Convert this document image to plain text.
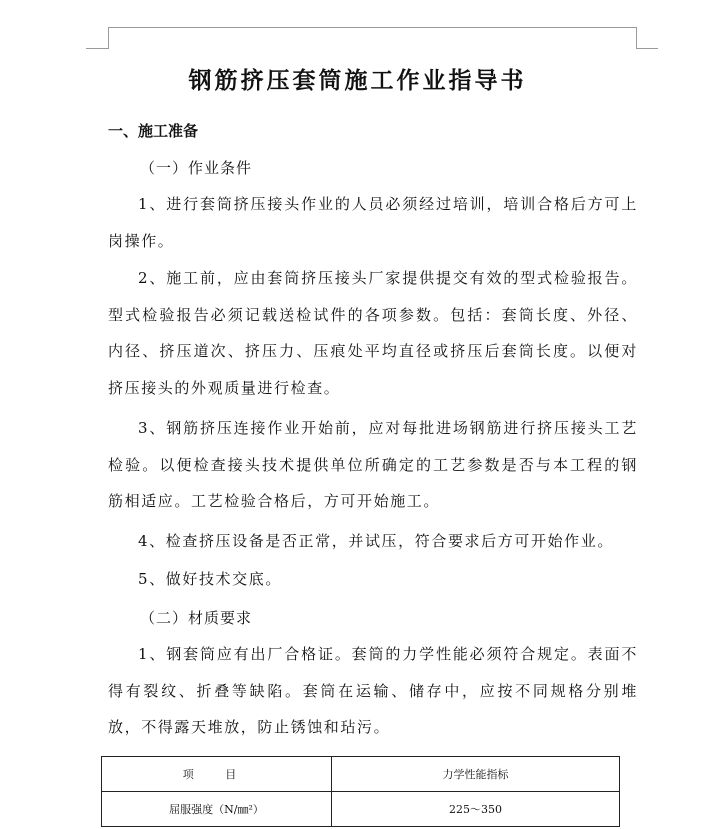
钢筋挤压套筒施工作业指导书
一、施工准备
（一）作业条件

1、进行套筒挤压接头作业的人员必须经过培训，培训合格后方可上岗操作。

2、施工前，应由套筒挤压接头厂家提供提交有效的型式检验报告。型式检验报告必须记载送检试件的各项参数。包括：套筒长度、外径、内径、挤压道次、挤压力、压痕处平均直径或挤压后套筒长度。以便对挤压接头的外观质量进行检查。

3、钢筋挤压连接作业开始前，应对每批进场钢筋进行挤压接头工艺检验。以便检查接头技术提供单位所确定的工艺参数是否与本工程的钢筋相适应。工艺检验合格后，方可开始施工。

4、检查挤压设备是否正常，并试压，符合要求后方可开始作业。

5、做好技术交底。

（二）材质要求

1、钢套筒应有出厂合格证。套筒的力学性能必须符合规定。表面不得有裂纹、折叠等缺陷。套筒在运输、储存中，应按不同规格分别堆放，不得露天堆放，防止锈蚀和玷污。

项 目	力学性能指标
屈服强度（N/㎜²）	225～350
